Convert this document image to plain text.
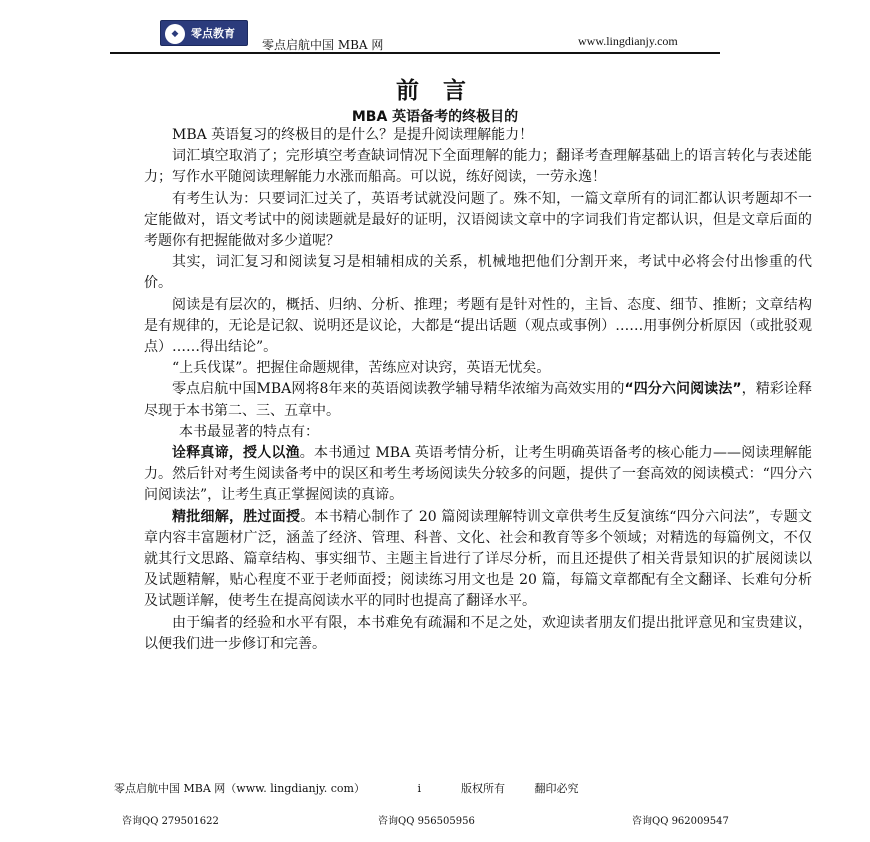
◆	零点教育
零点启航中国 MBA 网	www.lingdianjy.com
前 言
MBA 英语备考的终极目的

MBA 英语复习的终极目的是什么？是提升阅读理解能力！

词汇填空取消了；完形填空考查缺词情况下全面理解的能力；翻译考查理解基础上的语言转化与表述能力；写作水平随阅读理解能力水涨而船高。可以说，练好阅读，一劳永逸！

有考生认为：只要词汇过关了，英语考试就没问题了。殊不知，一篇文章所有的词汇都认识考题却不一定能做对，语文考试中的阅读题就是最好的证明，汉语阅读文章中的字词我们肯定都认识，但是文章后面的考题你有把握能做对多少道呢？

其实，词汇复习和阅读复习是相辅相成的关系，机械地把他们分割开来，考试中必将会付出惨重的代价。

阅读是有层次的，概括、归纳、分析、推理；考题有是针对性的，主旨、态度、细节、推断；文章结构是有规律的，无论是记叙、说明还是议论，大都是“提出话题（观点或事例）……用事例分析原因（或批驳观点）……得出结论”。

“上兵伐谋”。把握住命题规律，苦练应对诀窍，英语无忧矣。

零点启航中国MBA网将8年来的英语阅读教学辅导精华浓缩为高效实用的“四分六问阅读法”，精彩诠释尽现于本书第二、三、五章中。

本书最显著的特点有：

诠释真谛，授人以渔。本书通过 MBA 英语考情分析，让考生明确英语备考的核心能力——阅读理解能力。然后针对考生阅读备考中的误区和考生考场阅读失分较多的问题，提供了一套高效的阅读模式：“四分六问阅读法”，让考生真正掌握阅读的真谛。

精批细解，胜过面授。本书精心制作了 20 篇阅读理解特训文章供考生反复演练“四分六问法”，专题文章内容丰富题材广泛，涵盖了经济、管理、科普、文化、社会和教育等多个领域；对精选的每篇例文，不仅就其行文思路、篇章结构、事实细节、主题主旨进行了详尽分析，而且还提供了相关背景知识的扩展阅读以及试题精解，贴心程度不亚于老师面授；阅读练习用文也是 20 篇，每篇文章都配有全文翻译、长难句分析及试题详解，使考生在提高阅读水平的同时也提高了翻译水平。

由于编者的经验和水平有限，本书难免有疏漏和不足之处，欢迎读者朋友们提出批评意见和宝贵建议，以便我们进一步修订和完善。

零点启航中国 MBA 网（www. lingdianjy. com）	i	版权所有	翻印必究
咨询QQ 279501622	咨询QQ 956505956	咨询QQ 962009547
